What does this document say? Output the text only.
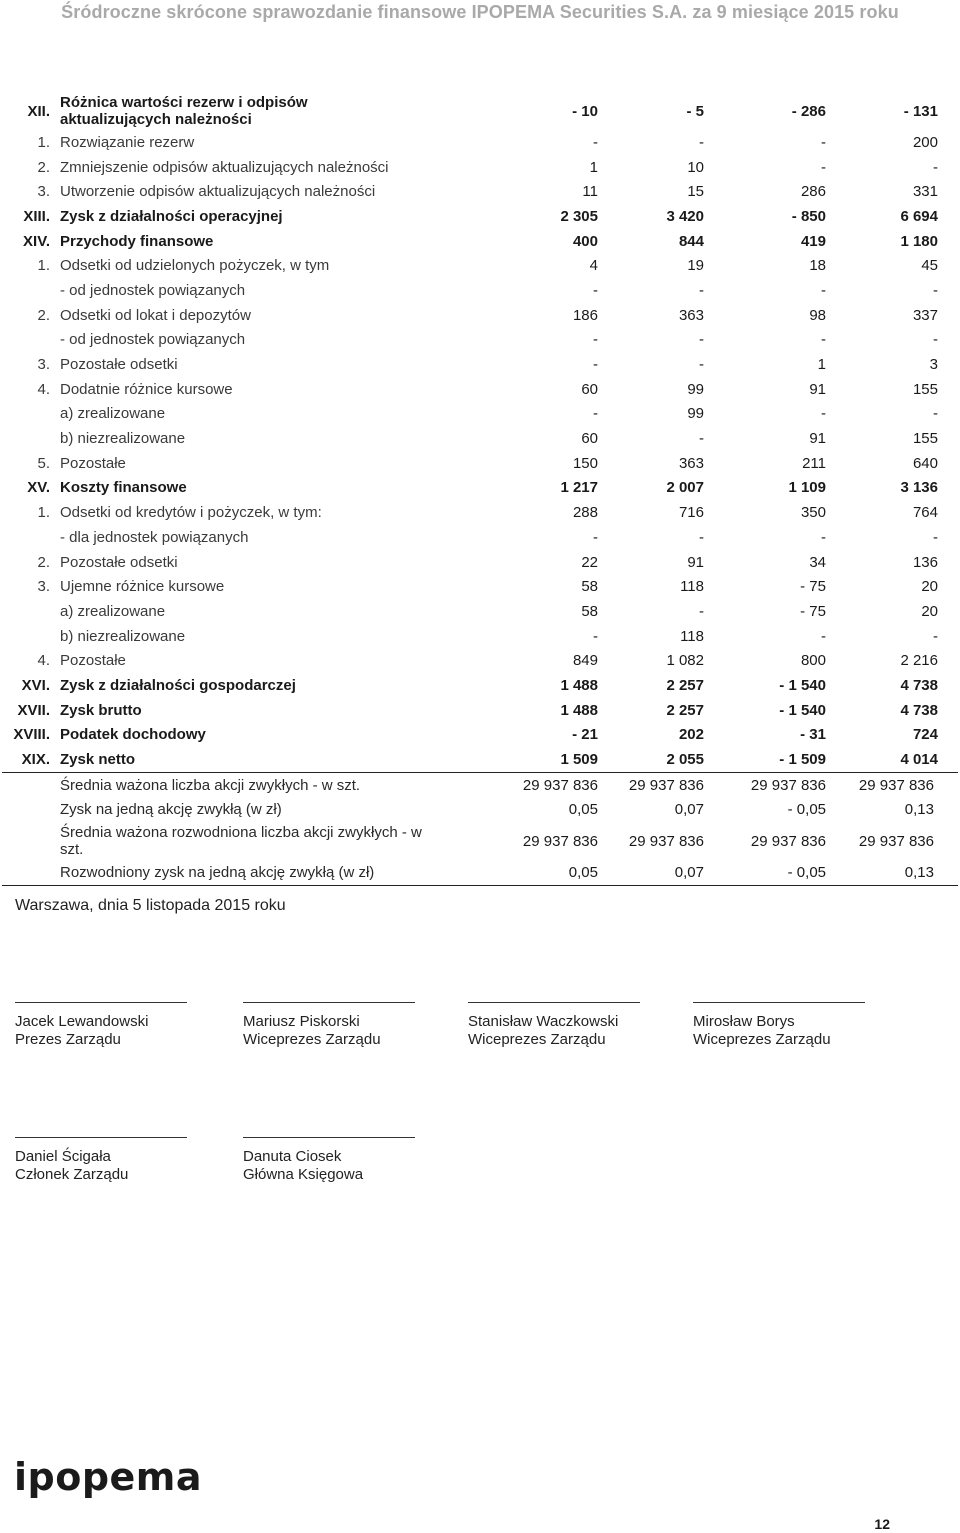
Śródroczne skrócone sprawozdanie finansowe IPOPEMA Securities S.A. za 9 miesiące 2015 roku
XII.	Różnica wartości rezerw i odpisów aktualizujących należności	- 10	- 5	- 286	- 131
1.	Rozwiązanie rezerw	-	-	-	200
2.	Zmniejszenie odpisów aktualizujących należności	1	10	-	-
3.	Utworzenie odpisów aktualizujących należności	11	15	286	331
XIII.	Zysk z działalności operacyjnej	2 305	3 420	- 850	6 694
XIV.	Przychody finansowe	400	844	419	1 180
1.	Odsetki od udzielonych pożyczek, w tym	4	19	18	45
	- od jednostek powiązanych	-	-	-	-
2.	Odsetki od lokat i depozytów	186	363	98	337
	- od jednostek powiązanych	-	-	-	-
3.	Pozostałe odsetki	-	-	1	3
4.	Dodatnie różnice kursowe	60	99	91	155
	a) zrealizowane	-	99	-	-
	b) niezrealizowane	60	-	91	155
5.	Pozostałe	150	363	211	640
XV.	Koszty finansowe	1 217	2 007	1 109	3 136
1.	Odsetki od kredytów i pożyczek, w tym:	288	716	350	764
	- dla jednostek powiązanych	-	-	-	-
2.	Pozostałe odsetki	22	91	34	136
3.	Ujemne różnice kursowe	58	118	- 75	20
	a) zrealizowane	58	-	- 75	20
	b) niezrealizowane	-	118	-	-
4.	Pozostałe	849	1 082	800	2 216
XVI.	Zysk z działalności gospodarczej	1 488	2 257	- 1 540	4 738
XVII.	Zysk brutto	1 488	2 257	- 1 540	4 738
XVIII.	Podatek dochodowy	- 21	202	- 31	724
XIX.	Zysk netto	1 509	2 055	- 1 509	4 014
	Średnia ważona liczba akcji zwykłych - w szt.	29 937 836	29 937 836	29 937 836	29 937 836
	Zysk na jedną akcję zwykłą (w zł)	0,05	0,07	- 0,05	0,13
	Średnia ważona rozwodniona liczba akcji zwykłych - w szt.	29 937 836	29 937 836	29 937 836	29 937 836
	Rozwodniony zysk na jedną akcję zwykłą (w zł)	0,05	0,07	- 0,05	0,13
Warszawa, dnia 5 listopada 2015 roku
Jacek Lewandowski
Prezes Zarządu
Mariusz Piskorski
Wiceprezes Zarządu
Stanisław Waczkowski
Wiceprezes Zarządu
Mirosław Borys
Wiceprezes Zarządu
Daniel Ścigała
Członek Zarządu
Danuta Ciosek
Główna Księgowa
ipopema
12
